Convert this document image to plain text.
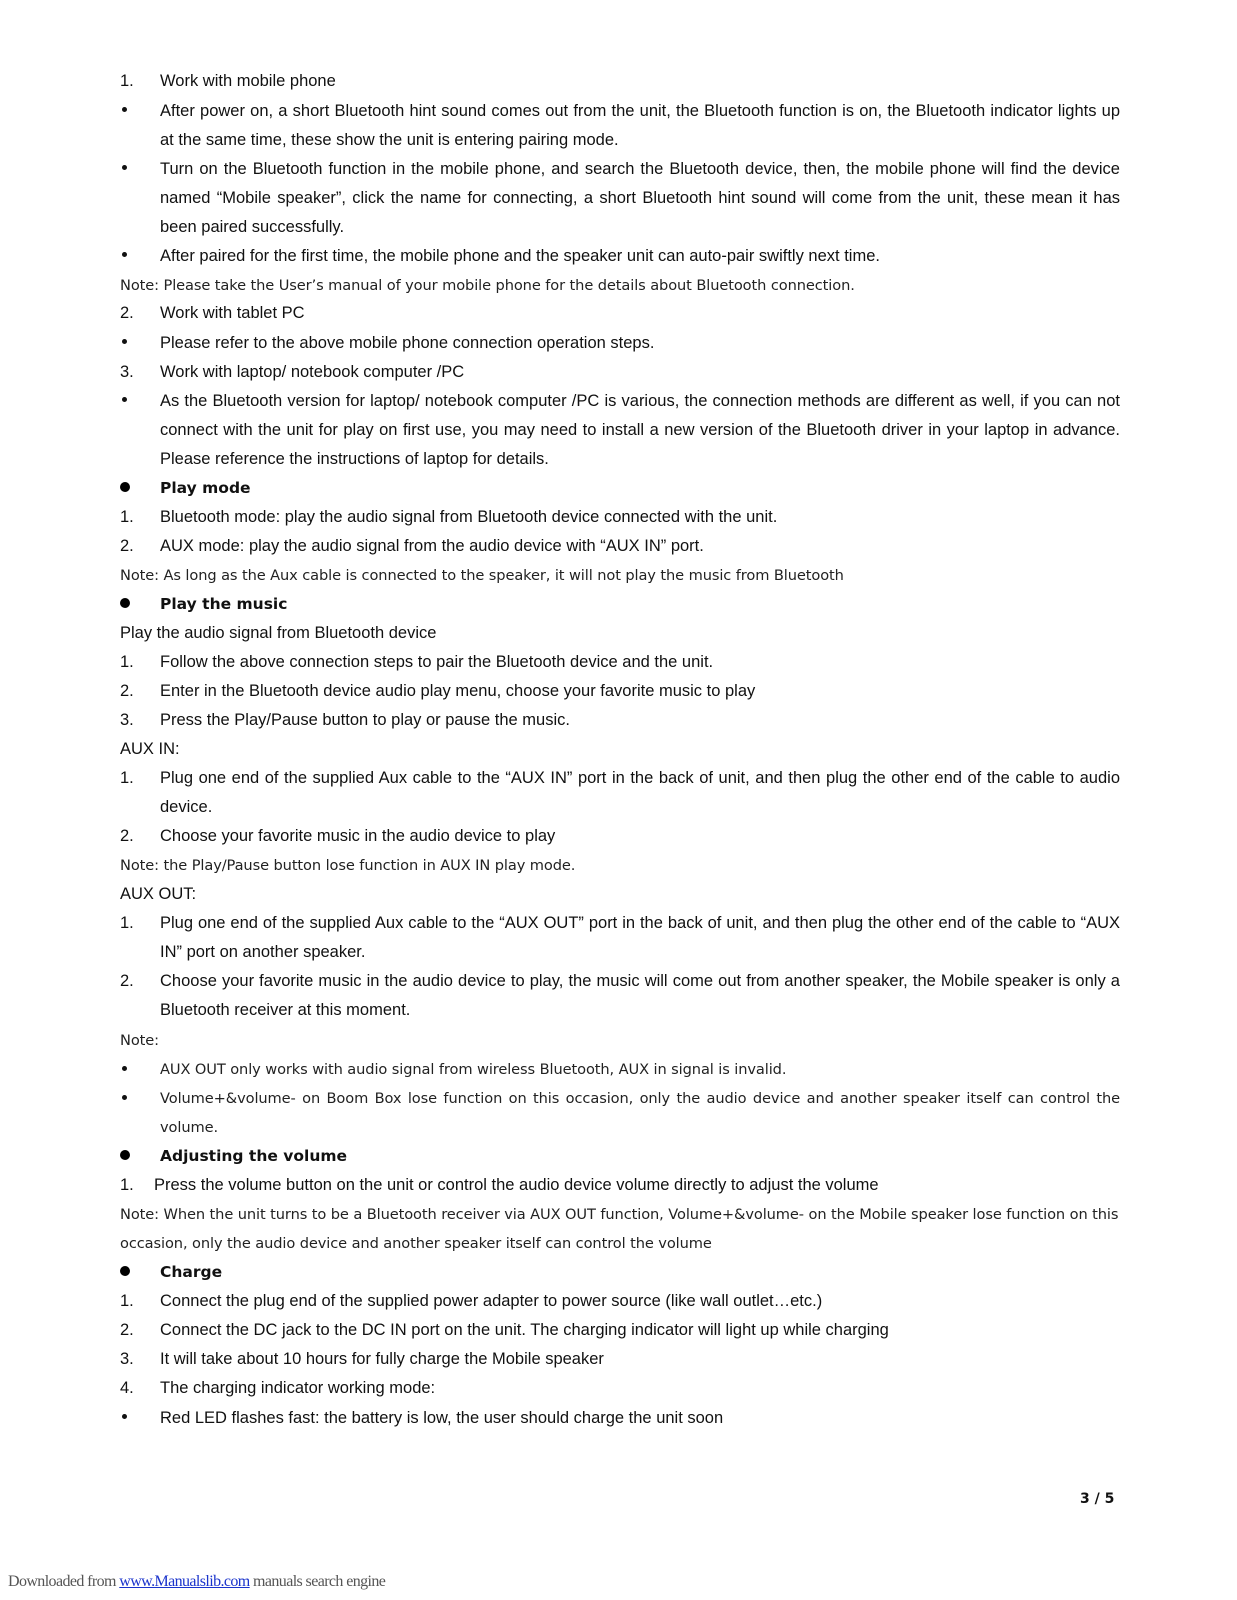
1. Work with mobile phone
After power on, a short Bluetooth hint sound comes out from the unit, the Bluetooth function is on, the Bluetooth indicator lights up at the same time, these show the unit is entering pairing mode.
Turn on the Bluetooth function in the mobile phone, and search the Bluetooth device, then, the mobile phone will find the device named “Mobile speaker”, click the name for connecting, a short Bluetooth hint sound will come from the unit, these mean it has been paired successfully.
After paired for the first time, the mobile phone and the speaker unit can auto-pair swiftly next time.
Note: Please take the User’s manual of your mobile phone for the details about Bluetooth connection.
2. Work with tablet PC
Please refer to the above mobile phone connection operation steps.
3. Work with laptop/ notebook computer /PC
As the Bluetooth version for laptop/ notebook computer /PC is various, the connection methods are different as well, if you can not connect with the unit for play on first use, you may need to install a new version of the Bluetooth driver in your laptop in advance. Please reference the instructions of laptop for details.
Play mode
1. Bluetooth mode: play the audio signal from Bluetooth device connected with the unit.
2. AUX mode: play the audio signal from the audio device with “AUX IN” port.
Note: As long as the Aux cable is connected to the speaker, it will not play the music from Bluetooth
Play the music
Play the audio signal from Bluetooth device
1. Follow the above connection steps to pair the Bluetooth device and the unit.
2. Enter in the Bluetooth device audio play menu, choose your favorite music to play
3. Press the Play/Pause button to play or pause the music.
AUX IN:
1. Plug one end of the supplied Aux cable to the “AUX IN” port in the back of unit, and then plug the other end of the cable to audio device.
2. Choose your favorite music in the audio device to play
Note: the Play/Pause button lose function in AUX IN play mode.
AUX OUT:
1. Plug one end of the supplied Aux cable to the “AUX OUT” port in the back of unit, and then plug the other end of the cable to “AUX IN” port on another speaker.
2. Choose your favorite music in the audio device to play, the music will come out from another speaker, the Mobile speaker is only a Bluetooth receiver at this moment.
Note:
AUX OUT only works with audio signal from wireless Bluetooth, AUX in signal is invalid.
Volume+&volume- on Boom Box lose function on this occasion, only the audio device and another speaker itself can control the volume.
Adjusting the volume
1. Press the volume button on the unit or control the audio device volume directly to adjust the volume
Note: When the unit turns to be a Bluetooth receiver via AUX OUT function, Volume+&volume- on the Mobile speaker lose function on this occasion, only the audio device and another speaker itself can control the volume
Charge
1. Connect the plug end of the supplied power adapter to power source (like wall outlet…etc.)
2. Connect the DC jack to the DC IN port on the unit. The charging indicator will light up while charging
3. It will take about 10 hours for fully charge the Mobile speaker
4. The charging indicator working mode:
Red LED flashes fast: the battery is low, the user should charge the unit soon
3 / 5
Downloaded from www.Manualslib.com manuals search engine
